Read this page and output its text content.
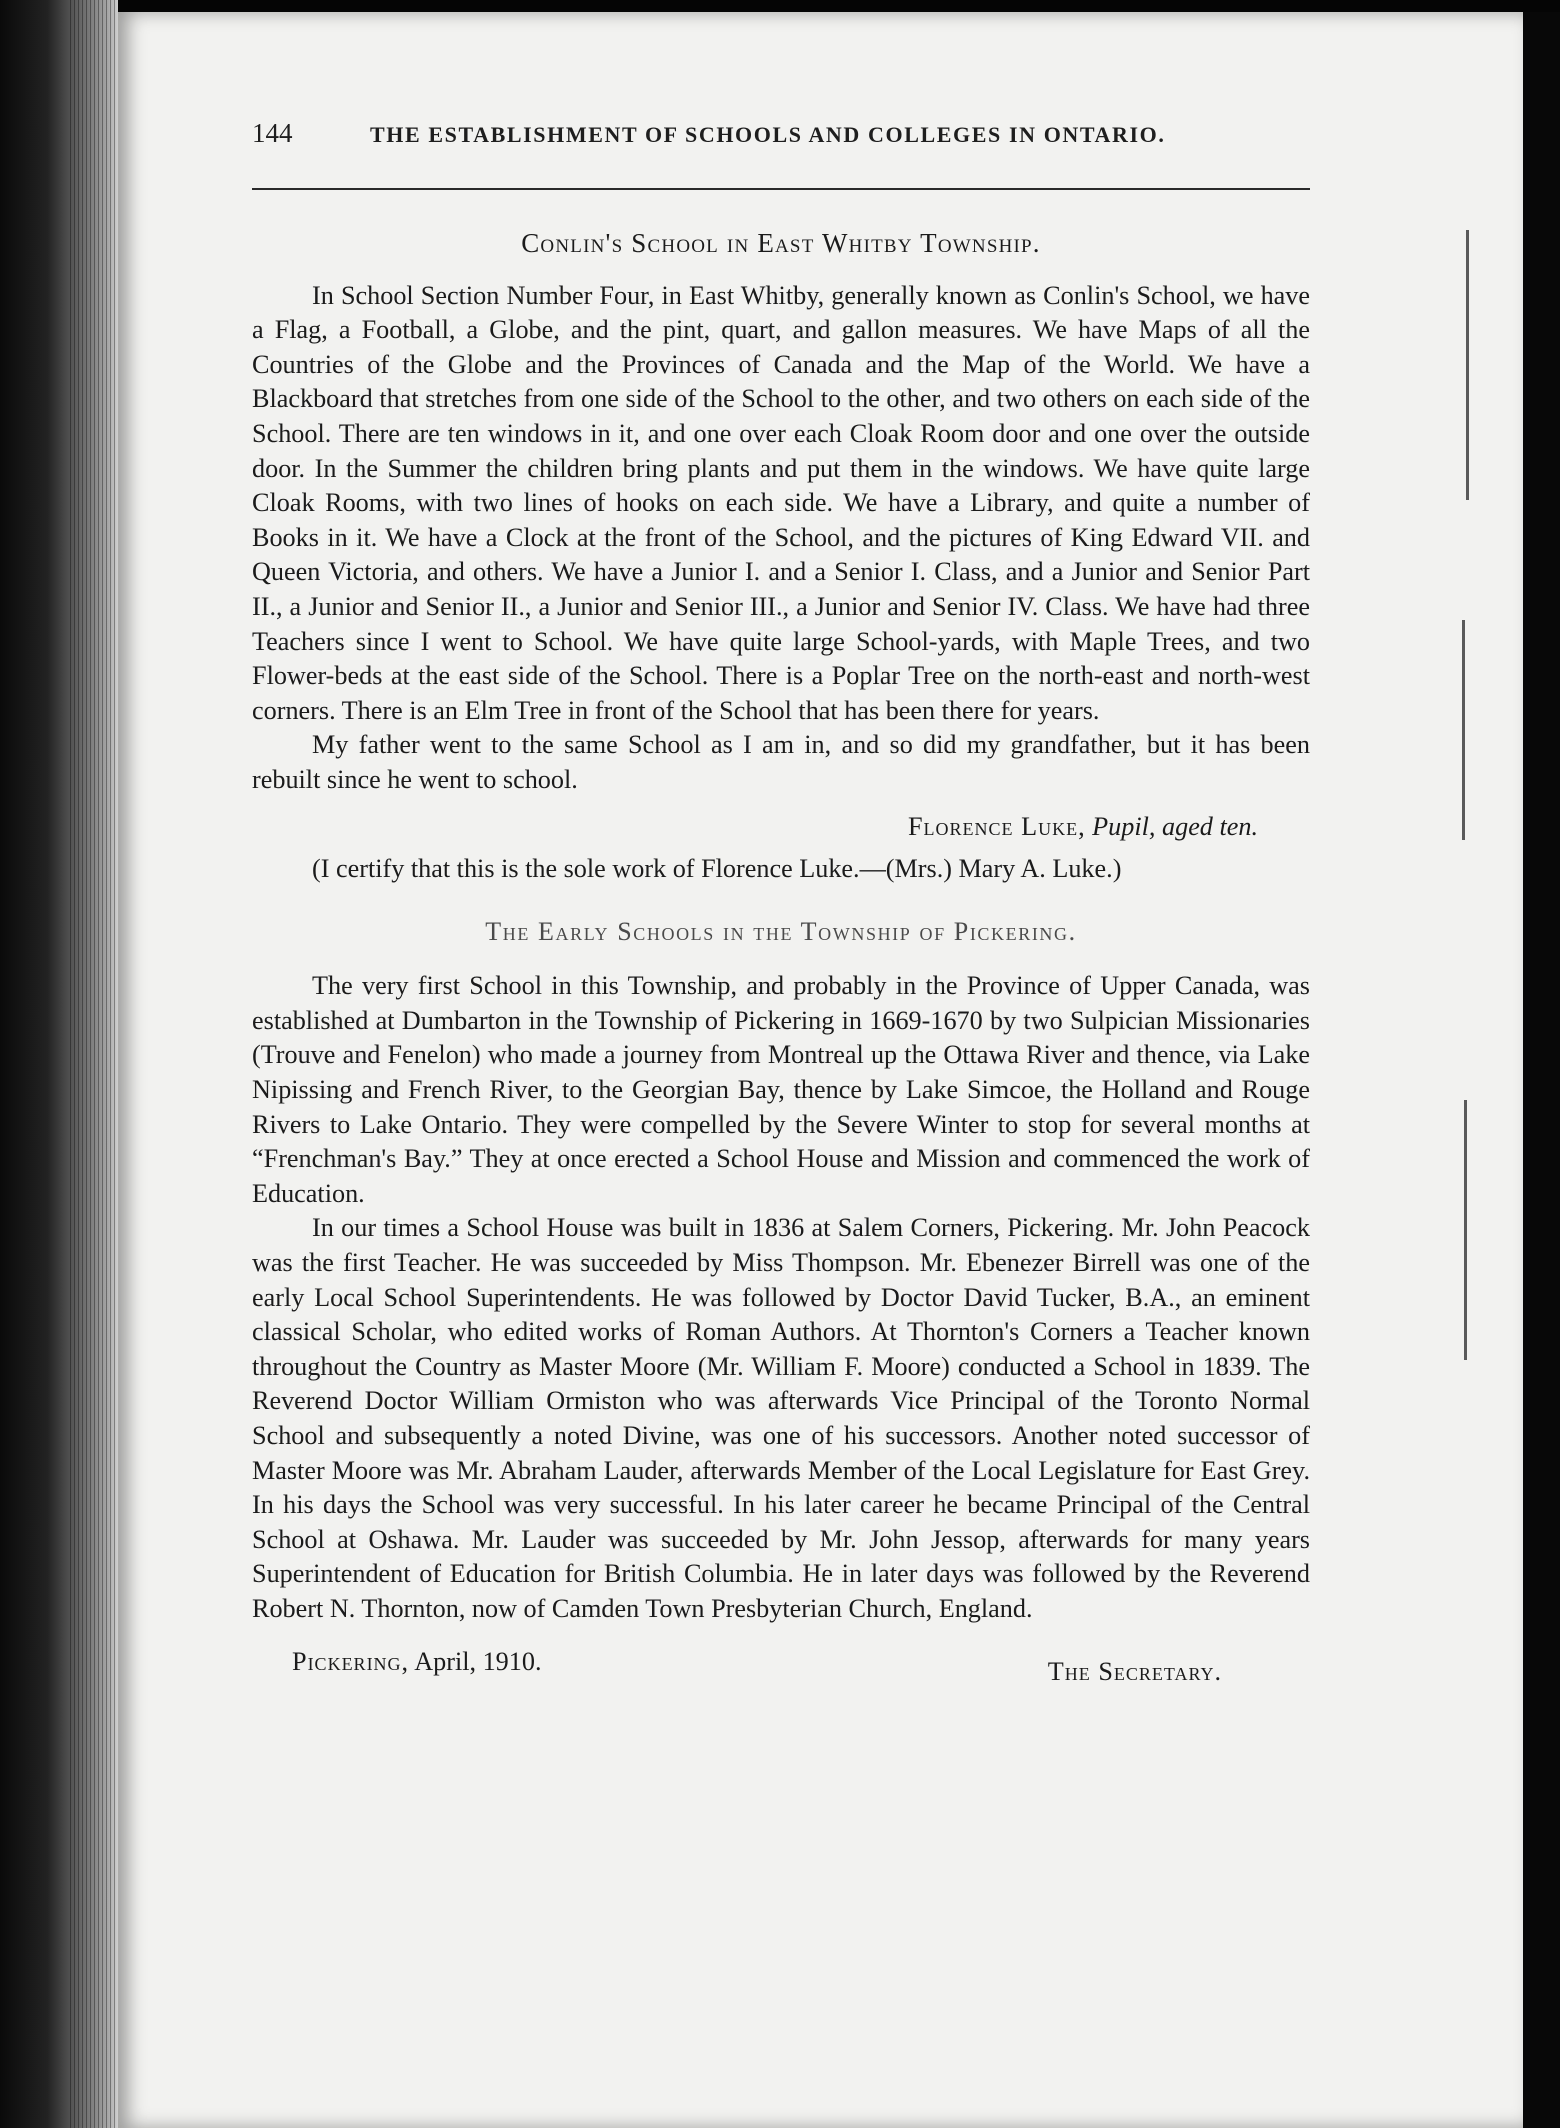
144	THE ESTABLISHMENT OF SCHOOLS AND COLLEGES IN ONTARIO.
Conlin's School in East Whitby Township.

In School Section Number Four, in East Whitby, generally known as Conlin's School, we have a Flag, a Football, a Globe, and the pint, quart, and gallon measures. We have Maps of all the Countries of the Globe and the Provinces of Canada and the Map of the World. We have a Blackboard that stretches from one side of the School to the other, and two others on each side of the School. There are ten windows in it, and one over each Cloak Room door and one over the outside door. In the Summer the children bring plants and put them in the windows. We have quite large Cloak Rooms, with two lines of hooks on each side. We have a Library, and quite a number of Books in it. We have a Clock at the front of the School, and the pictures of King Edward VII. and Queen Victoria, and others. We have a Junior I. and a Senior I. Class, and a Junior and Senior Part II., a Junior and Senior II., a Junior and Senior III., a Junior and Senior IV. Class. We have had three Teachers since I went to School. We have quite large School-yards, with Maple Trees, and two Flower-beds at the east side of the School. There is a Poplar Tree on the north-east and north-west corners. There is an Elm Tree in front of the School that has been there for years.

My father went to the same School as I am in, and so did my grandfather, but it has been rebuilt since he went to school.

Florence Luke, Pupil, aged ten.

(I certify that this is the sole work of Florence Luke.—(Mrs.) Mary A. Luke.)

The Early Schools in the Township of Pickering.

The very first School in this Township, and probably in the Province of Upper Canada, was established at Dumbarton in the Township of Pickering in 1669-1670 by two Sulpician Missionaries (Trouve and Fenelon) who made a journey from Montreal up the Ottawa River and thence, via Lake Nipissing and French River, to the Georgian Bay, thence by Lake Simcoe, the Holland and Rouge Rivers to Lake Ontario. They were compelled by the Severe Winter to stop for several months at “Frenchman's Bay.” They at once erected a School House and Mission and commenced the work of Education.

In our times a School House was built in 1836 at Salem Corners, Pickering. Mr. John Peacock was the first Teacher. He was succeeded by Miss Thompson. Mr. Ebenezer Birrell was one of the early Local School Superintendents. He was followed by Doctor David Tucker, B.A., an eminent classical Scholar, who edited works of Roman Authors. At Thornton's Corners a Teacher known throughout the Country as Master Moore (Mr. William F. Moore) conducted a School in 1839. The Reverend Doctor William Ormiston who was afterwards Vice Principal of the Toronto Normal School and subsequently a noted Divine, was one of his successors. Another noted successor of Master Moore was Mr. Abraham Lauder, afterwards Member of the Local Legislature for East Grey. In his days the School was very successful. In his later career he became Principal of the Central School at Oshawa. Mr. Lauder was succeeded by Mr. John Jessop, afterwards for many years Superintendent of Education for British Columbia. He in later days was followed by the Reverend Robert N. Thornton, now of Camden Town Presbyterian Church, England.

Pickering, April, 1910.	The Secretary.
